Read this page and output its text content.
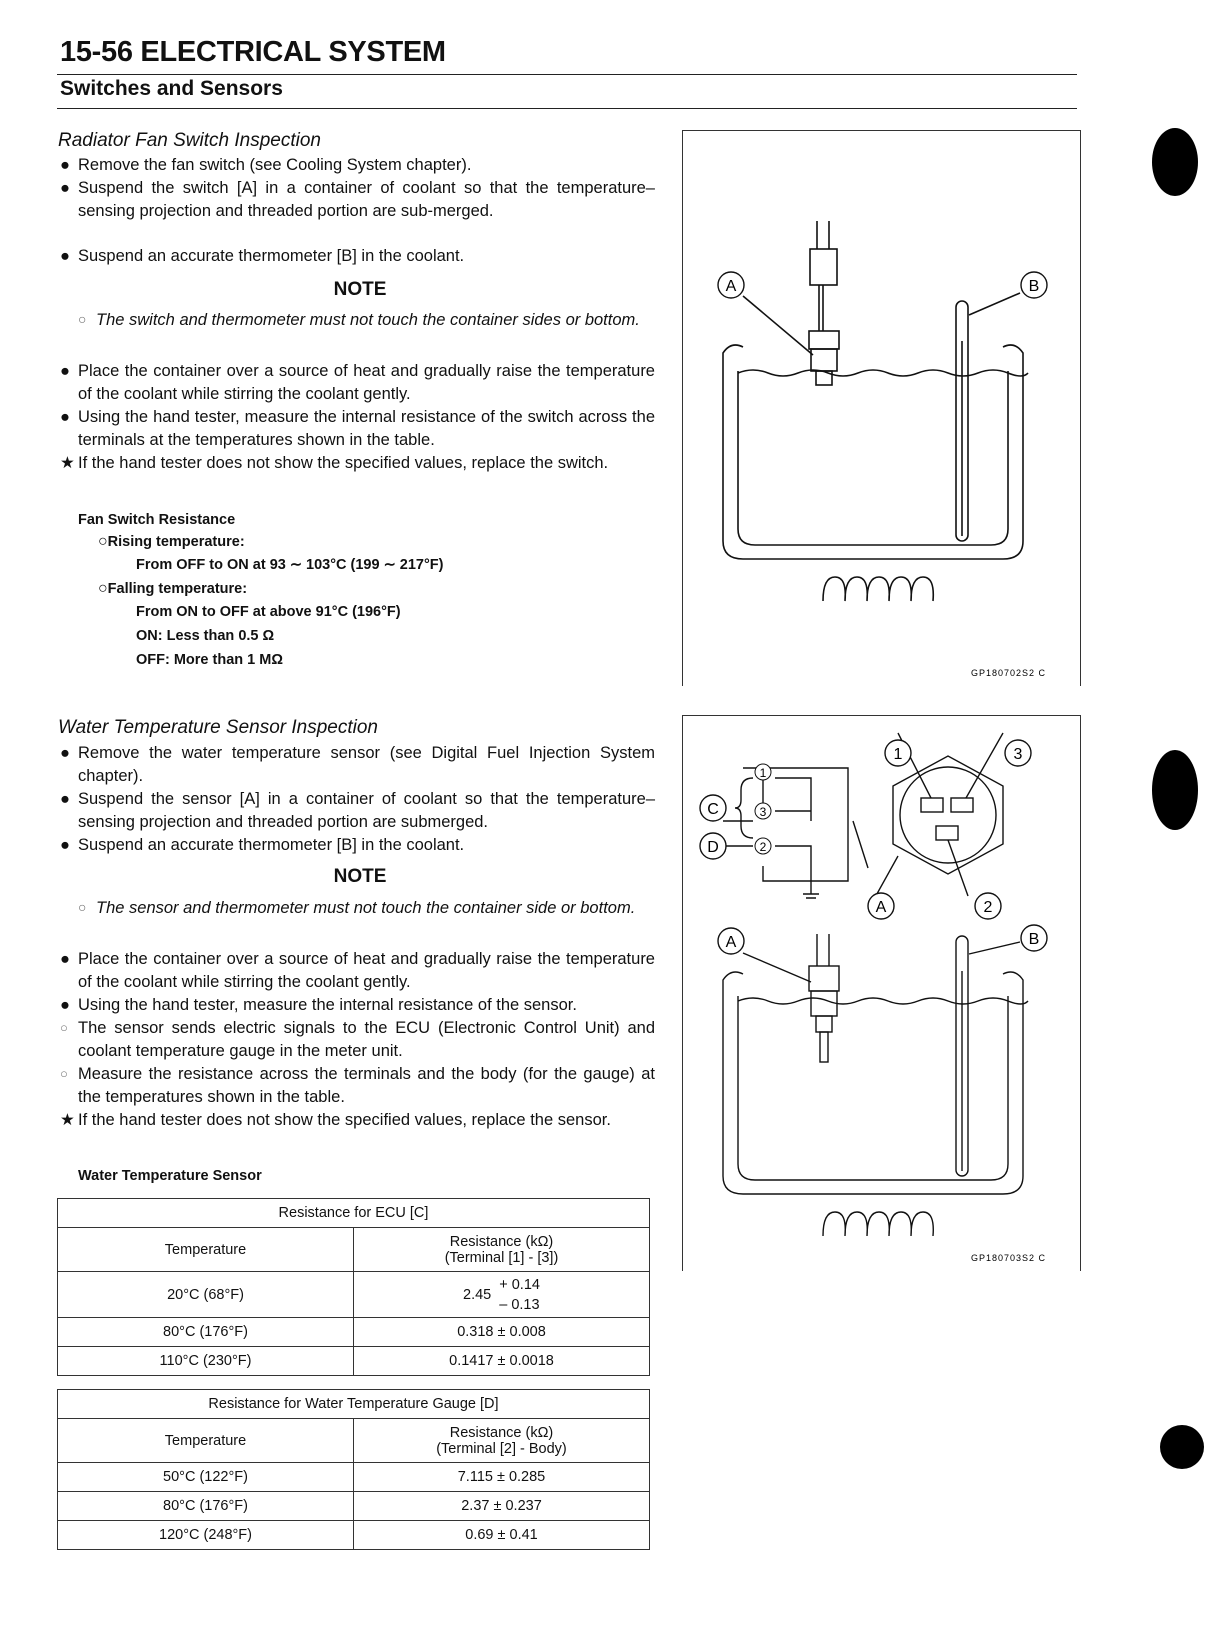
15-56 ELECTRICAL SYSTEM
Switches and Sensors
Radiator Fan Switch Inspection
● Remove the fan switch (see Cooling System chapter).
● Suspend the switch [A] in a container of coolant so that the temperature–sensing projection and threaded portion are sub-merged.
● Suspend an accurate thermometer [B] in the coolant.
NOTE
○ The switch and thermometer must not touch the container sides or bottom.
● Place the container over a source of heat and gradually raise the temperature of the coolant while stirring the coolant gently.
● Using the hand tester, measure the internal resistance of the switch across the terminals at the temperatures shown in the table.
★ If the hand tester does not show the specified values, replace the switch.
Fan Switch Resistance
○Rising temperature:
From OFF to ON at 93 ∼ 103°C (199 ∼ 217°F)
○Falling temperature:
From ON to OFF at above 91°C (196°F)
ON: Less than 0.5 Ω
OFF: More than 1 MΩ
Water Temperature Sensor Inspection
● Remove the water temperature sensor (see Digital Fuel Injection System chapter).
● Suspend the sensor [A] in a container of coolant so that the temperature–sensing projection and threaded portion are submerged.
● Suspend an accurate thermometer [B] in the coolant.
NOTE
○ The sensor and thermometer must not touch the container side or bottom.
● Place the container over a source of heat and gradually raise the temperature of the coolant while stirring the coolant gently.
● Using the hand tester, measure the internal resistance of the sensor.
○ The sensor sends electric signals to the ECU (Electronic Control Unit) and coolant temperature gauge in the meter unit.
○ Measure the resistance across the terminals and the body (for the gauge) at the temperatures shown in the table.
★ If the hand tester does not show the specified values, replace the sensor.
Water Temperature Sensor
Resistance for ECU [C]	
Temperature	Resistance (kΩ)
(Terminal [1] - [3])

20°C (68°F)	2.45
+ 0.14
– 0.13

80°C (176°F)	0.318 ± 0.008
110°C (230°F)	0.1417 ± 0.0018
Resistance for Water Temperature Gauge [D]	
Temperature	Resistance (kΩ)
(Terminal [2] - Body)

50°C (122°F)	7.115 ± 0.285
80°C (176°F)	2.37 ± 0.237
120°C (248°F)	0.69 ± 0.41
A	B
GP180702S2 C
1
3
2
C
D
1	3
A	2
A	B
GP180703S2 C
